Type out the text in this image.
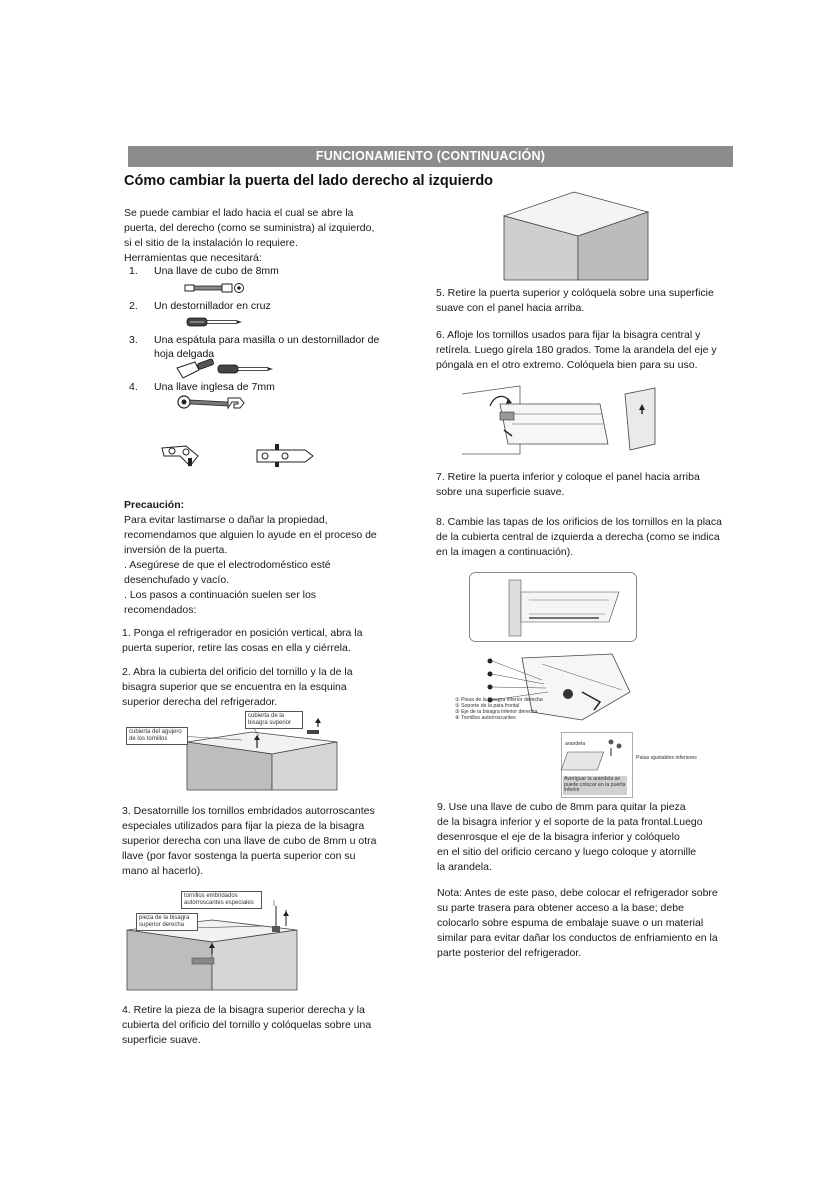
FUNCIONAMIENTO (CONTINUACIÓN)
Cómo cambiar la puerta del lado derecho al izquierdo

Se puede cambiar el lado hacia el cual se abre la

puerta, del derecho (como se suministra) al izquierdo,

si el sitio de la instalación lo requiere.

Herramientas que necesitará:

1. Una llave de cubo de 8mm
2. Un destornillador en cruz
3. Una espátula para masilla o un destornillador de
hoja delgada
4. Una llave inglesa de 7mm

Precaución:

Para evitar lastimarse o dañar la propiedad,

recomendamos que alguien lo ayude en el proceso de

inversión de la puerta.

. Asegúrese de que el electrodoméstico esté

desenchufado y vacío.

. Los pasos a continuación suelen ser los

recomendados:

1. Ponga el refrigerador en posición vertical, abra la

puerta superior, retire las cosas en ella y ciérrela.

2. Abra la cubierta del orificio del tornillo y la de la

bisagra superior que se encuentra en la esquina

superior derecha del refrigerador.

cubierta de la
bisagra superior
cubierta del agujero
de los tornillos

3. Desatornille los tornillos embridados autorroscantes

especiales utilizados para fijar la pieza de la bisagra

superior derecha con una llave de cubo de 8mm u otra

llave (por favor sostenga la puerta superior con su

mano al hacerlo).

tornillos embridados
autorroscantes especiales
pieza de la bisagra
superior derecha

4. Retire la pieza de la bisagra superior derecha y la

cubierta del orificio del tornillo y colóquelas sobre una

superficie suave.

5. Retire la puerta superior y colóquela sobre una superficie

suave con el panel hacia arriba.

6. Afloje los tornillos usados para fijar la bisagra central y

retírela. Luego gírela 180 grados. Tome la arandela del eje y

póngala en el otro extremo. Colóquela bien para su uso.

7. Retire la puerta inferior y coloque el panel hacia arriba

sobre una superficie suave.

8. Cambie las tapas de los orificios de los tornillos en la placa

de la cubierta central de izquierda a derecha (como se indica

en la imagen a continuación).

① Pieza de la bisagra inferior derecha
② Soporte de la pata frontal
③ Eje de la bisagra inferior derecha
④ Tornillos autorroscantes
arandela
Patas ajustables inferiores
Averiguar la arandela se
puede colocar en la puerta
inferior

9. Use una llave de cubo de 8mm para quitar la pieza

de la bisagra inferior y el soporte de la pata frontal.Luego

desenrosque el eje de la bisagra inferior y colóquelo

en el sitio del orificio cercano y luego coloque y atornille

la arandela.

Nota: Antes de este paso, debe colocar el refrigerador sobre

su parte trasera para obtener acceso a la base; debe

colocarlo sobre espuma de embalaje suave o un material

similar para evitar dañar los conductos de enfriamiento en la

parte posterior del refrigerador.
